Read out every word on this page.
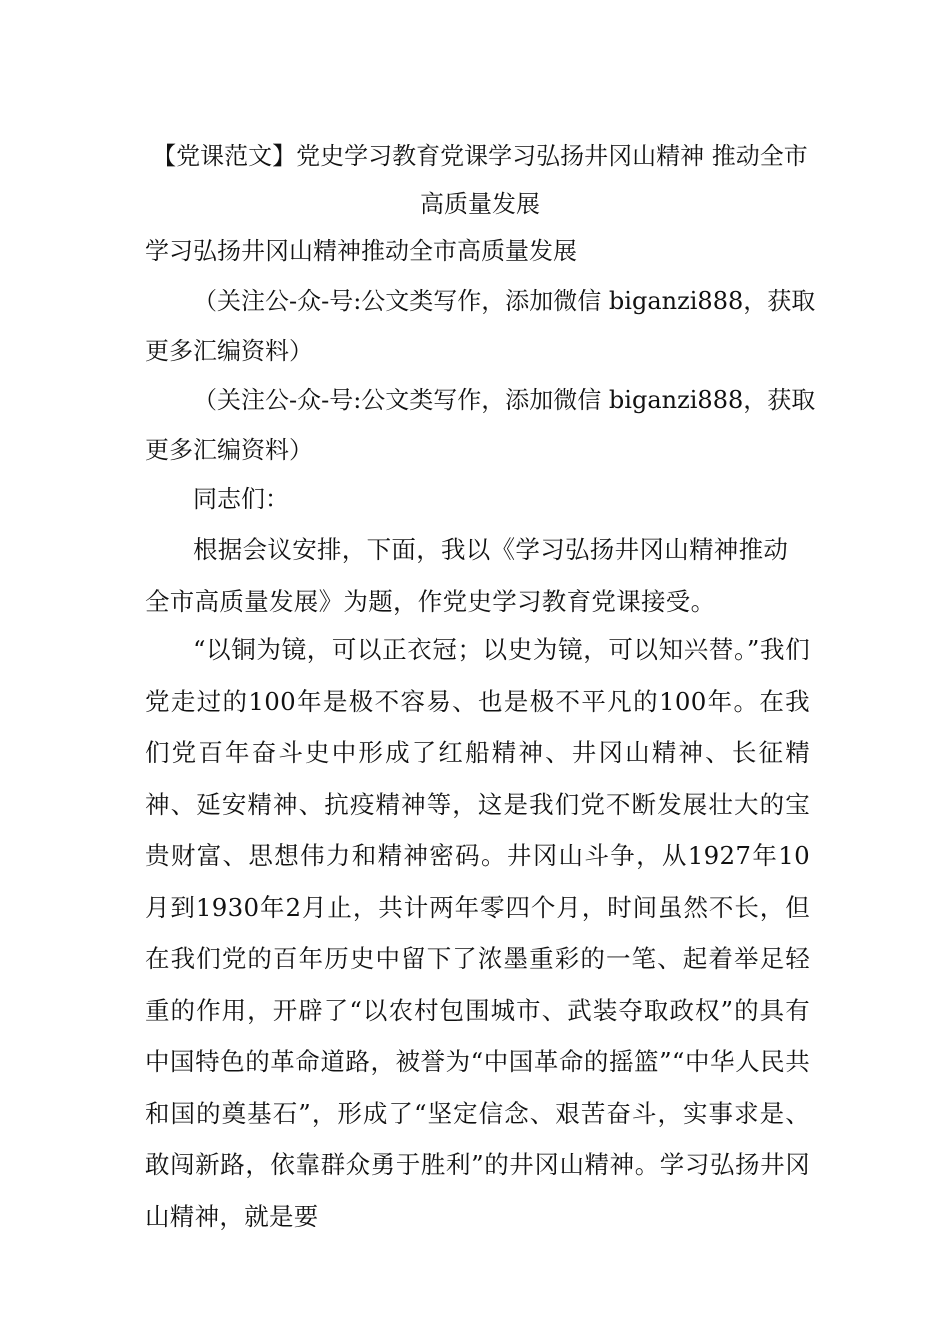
【党课范文】党史学习教育党课学习弘扬井冈山精神 推动全市高质量发展
学习弘扬井冈山精神推动全市高质量发展
（关注公-众-号:公文类写作，添加微信 biganzi888，获取更多汇编资料）
（关注公-众-号:公文类写作，添加微信 biganzi888，获取更多汇编资料）
同志们：
根据会议安排，下面，我以《学习弘扬井冈山精神推动全市高质量发展》为题，作党史学习教育党课接受。
“以铜为镜，可以正衣冠；以史为镜，可以知兴替。”我们党走过的100年是极不容易、也是极不平凡的100年。在我们党百年奋斗史中形成了红船精神、井冈山精神、长征精神、延安精神、抗疫精神等，这是我们党不断发展壮大的宝贵财富、思想伟力和精神密码。井冈山斗争，从1927年10月到1930年2月止，共计两年零四个月，时间虽然不长，但在我们党的百年历史中留下了浓墨重彩的一笔、起着举足轻重的作用，开辟了“以农村包围城市、武装夺取政权”的具有中国特色的革命道路，被誉为“中国革命的摇篮”“中华人民共和国的奠基石”，形成了“坚定信念、艰苦奋斗，实事求是、敢闯新路，依靠群众勇于胜利”的井冈山精神。学习弘扬井冈山精神，就是要
